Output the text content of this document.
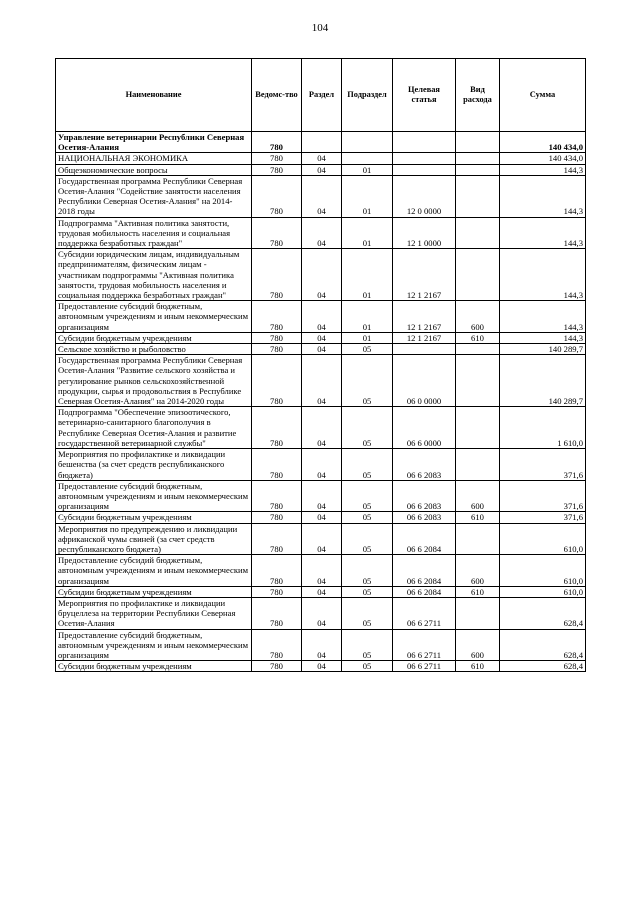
104
Наименование	Ведомс-тво	Раздел	Подраздел	Целевая статья	Вид расхода	Сумма
Управление ветеринарии Республики Северная Осетия-Алания	780					140 434,0
НАЦИОНАЛЬНАЯ ЭКОНОМИКА	780	04				140 434,0
Общеэкономические вопросы	780	04	01			144,3
Государственная программа Республики Северная Осетия-Алания "Содействие занятости населения Республики Северная Осетия-Алания" на 2014-2018 годы	780	04	01	12 0 0000		144,3
Подпрограмма "Активная политика занятости, трудовая мобильность населения и социальная поддержка безработных граждан"	780	04	01	12 1 0000		144,3
Субсидии юридическим лицам, индивидуальным предпринимателям, физическим лицам - участникам подпрограммы "Активная политика занятости, трудовая мобильность населения и социальная поддержка безработных граждан"	780	04	01	12 1 2167		144,3
Предоставление субсидий бюджетным, автономным учреждениям и иным некоммерческим организациям	780	04	01	12 1 2167	600	144,3
Субсидии бюджетным учреждениям	780	04	01	12 1 2167	610	144,3
Сельское хозяйство и рыболовство	780	04	05			140 289,7
Государственная программа Республики Северная Осетия-Алания "Развитие сельского хозяйства и регулирование рынков сельскохозяйственной продукции, сырья и продовольствия в Республике Северная Осетия-Алания" на 2014-2020 годы	780	04	05	06 0 0000		140 289,7
Подпрограмма "Обеспечение эпизоотического, ветеринарно-санитарного благополучия в Республике Северная Осетия-Алания и развитие государственной ветеринарной службы"	780	04	05	06 6 0000		1 610,0
Мероприятия по профилактике и ликвидации бешенства (за счет средств республиканского бюджета)	780	04	05	06 6 2083		371,6
Предоставление субсидий бюджетным, автономным учреждениям и иным некоммерческим организациям	780	04	05	06 6 2083	600	371,6
Субсидии бюджетным учреждениям	780	04	05	06 6 2083	610	371,6
Мероприятия по предупреждению и ликвидации африканской чумы свиней (за счет средств республиканского бюджета)	780	04	05	06 6 2084		610,0
Предоставление субсидий бюджетным, автономным учреждениям и иным некоммерческим организациям	780	04	05	06 6 2084	600	610,0
Субсидии бюджетным учреждениям	780	04	05	06 6 2084	610	610,0
Мероприятия по профилактике и ликвидации бруцеллеза на территории Республики Северная Осетия-Алания	780	04	05	06 6 2711		628,4
Предоставление субсидий бюджетным, автономным учреждениям и иным некоммерческим организациям	780	04	05	06 6 2711	600	628,4
Субсидии бюджетным учреждениям	780	04	05	06 6 2711	610	628,4
